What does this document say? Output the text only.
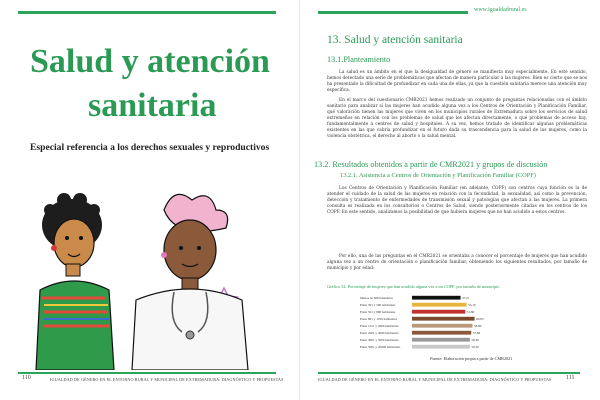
Salud y atención
sanitaria
Especial referencia a los derechos sexuales y reproductivos
110	IGUALDAD DE GÉNERO EN EL ENTORNO RURAL Y MUNICIPAL DE EXTREMADURA: DIAGNÓSTICO Y PROPUESTAS
www.igualdadrural.es
13. Salud y atención sanitaria
13.1.Planteamiento
La salud es un ámbito en el que la desigualdad de género se manifiesta muy especialmente. En este sentido, hemos detectado una serie de problemáticas que afectan de manera particular a las mujeres. Bien es cierto que se nos ha presentado la dificultad de profundizar en cada una de ellas, ya que la cuestión sanitaria merece una atención muy específica.
En el marco del cuestionario CMR2021 hemos realizado un conjunto de preguntas relacionadas con el ámbito sanitario para analizar si las mujeres han acudido alguna vez a los Centros de Orientación y Planificación Familiar, qué valoración tienen las mujeres que viven en los municipios rurales de Extremadura sobre los servicios de salud extremeños en relación con los problemas de salud que les afectan directamente, o qué problemas de acceso hay, fundamentalmente a centros de salud y hospitales. A su vez, hemos tratado de identificar algunas problemáticas existentes en las que cabría profundizar en el futuro dada su trascendencia para la salud de las mujeres, como la violencia obstétrica, el derecho al aborto o la salud mental.
13.2. Resultados obtenidos a partir de CMR2021 y grupos de discusión
13.2.1. Asistencia a Centros de Orientación y Planificación Familiar (COPF)
Los Centros de Orientación y Planificación Familiar (en adelante, COPF) son centros cuya función es la de atender el cuidado de la salud de las mujeres en relación con la fecundidad, la sexualidad, así como la prevención, detección y tratamiento de enfermedades de transmisión sexual y patologías que afectan a las mujeres. La primera consulta es realizada en los consultorios o Centros de Salud, siendo posteriormente citadas en los centros de los COPF. En este sentido, analizamos la posibilidad de que hubiera mujeres que no han acudido a estos centros.
Por ello, una de las preguntas en el CMR2021 se orientaba a conocer el porcentaje de mujeres que han acudido alguna vez a un centro de orientación o planificación familiar, obteniendo los siguientes resultados, por tamaño de municipio y por edad:
Gráfico 54. Porcentaje de mujeres que han acudido alguna vez a un COPF, por tamaño de municipio
Menos de 300 habitantes	47,21
Entre 301 y 500 habitantes	53,10
Entre 501 y 800 habitantes	51,80
Entre 801 y 1250 habitantes	60,83
Entre 1251 y 2000 habitantes	58,80
Entre 2001 y 3000 habitantes	57,60
Entre 3001 y 5000 habitantes	56,30
Entre 5001 y 20000 habitantes	56,30
Fuente: Elaboración propia a partir de CMR2021
IGUALDAD DE GÉNERO EN EL ENTORNO RURAL Y MUNICIPAL DE EXTREMADURA: DIAGNÓSTICO Y PROPUESTAS 111
